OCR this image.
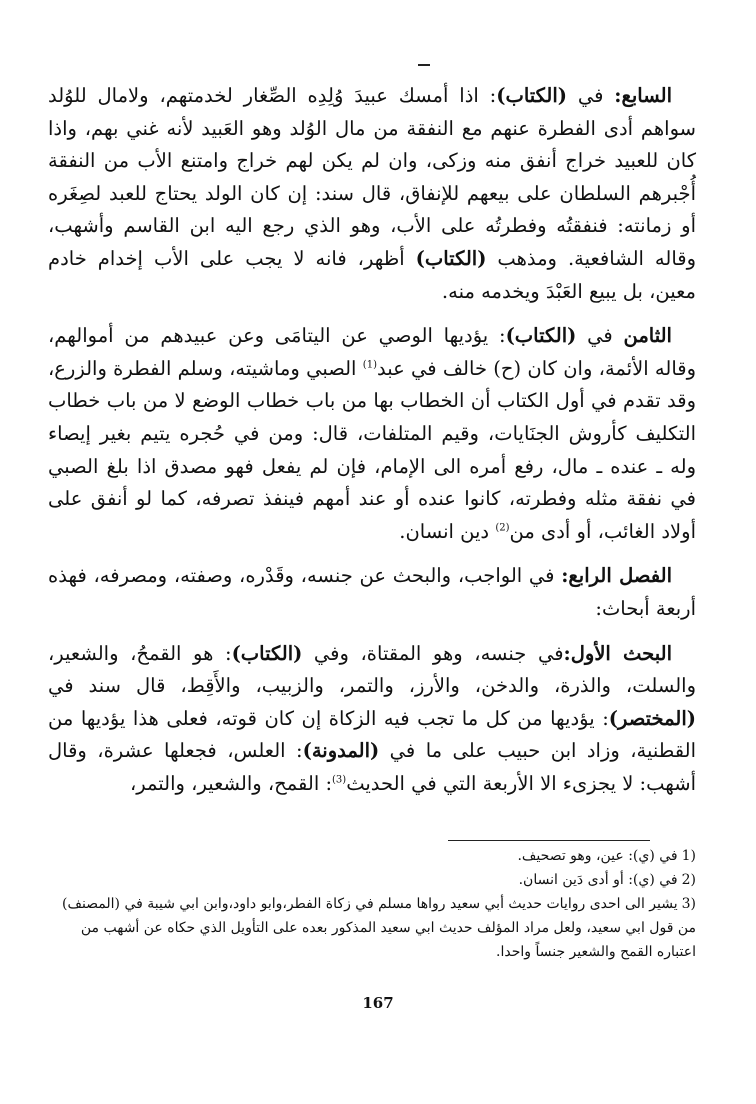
السابع: في (الكتاب): اذا أمسك عبيدَ وُلِدِه الصِّغار لخدمتهم، ولامال للوُلد سواهم أدى الفطرة عنهم مع النفقة من مال الوُلد وهو العَبيد لأنه غني بهم، واذا كان للعبيد خراج أنفق منه وزكى، وان لم يكن لهم خراج وامتنع الأب من النفقة أُجْبرهم السلطان على بيعهم للإنفاق، قال سند: إن كان الولد يحتاج للعبد لصِغَره أو زمانته: فنفقتُه وفطرتُه على الأب، وهو الذي رجع اليه ابن القاسم وأشهب، وقاله الشافعية. ومذهب (الكتاب) أظهر، فانه لا يجب على الأب إخدام خادم معين، بل يبيع العَبْدَ ويخدمه منه.

الثامن في (الكتاب): يؤديها الوصي عن اليتامَى وعن عبيدهم من أموالهم، وقاله الأئمة، وان كان (ح) خالف في عبد$^{(1)}$ الصبي وماشيته، وسلم الفطرة والزرع، وقد تقدم في أول الكتاب أن الخطاب بها من باب خطاب الوضع لا من باب خطاب التكليف كأروش الجنَايات، وقيم المتلفات، قال: ومن في حُجره يتيم بغير إيصاء وله ـ عنده ـ مال، رفع أمره الى الإمام، فإن لم يفعل فهو مصدق اذا بلغ الصبي في نفقة مثله وفطرته، كانوا عنده أو عند أمهم فينفذ تصرفه، كما لو أنفق على أولاد الغائب، أو أدى من$^{(2)}$ دين انسان.

الفصل الرابع: في الواجب، والبحث عن جنسه، وقَدْره، وصفته، ومصرفه، فهذه أربعة أبحاث:

البحث الأول:في جنسه، وهو المقتاة، وفي (الكتاب): هو القمحُ، والشعير، والسلت، والذرة، والدخن، والأرز، والتمر، والزبيب، والأَقِط، قال سند في (المختصر): يؤديها من كل ما تجب فيه الزكاة إن كان قوته، فعلى هذا يؤديها من القطنية، وزاد ابن حبيب على ما في (المدونة): العلس، فجعلها عشرة، وقال أشهب: لا يجزىء الا الأربعة التي في الحديث$^{(3)}$: القمح، والشعير، والتمر،

1)في (ي): عين، وهو تصحيف.

2)في (ي): أو أدى دَين انسان.

3)يشير الى احدى روايات حديث أبي سعيد رواها مسلم في زكاة الفطر،وابو داود،وابن ابي شيبة في (المصنف) من قول ابي سعيد، ولعل مراد المؤلف حديث ابي سعيد المذكور بعده على التأويل الذي حكاه عن أشهب من اعتباره القمح والشعير جنساً واحدا.

167
